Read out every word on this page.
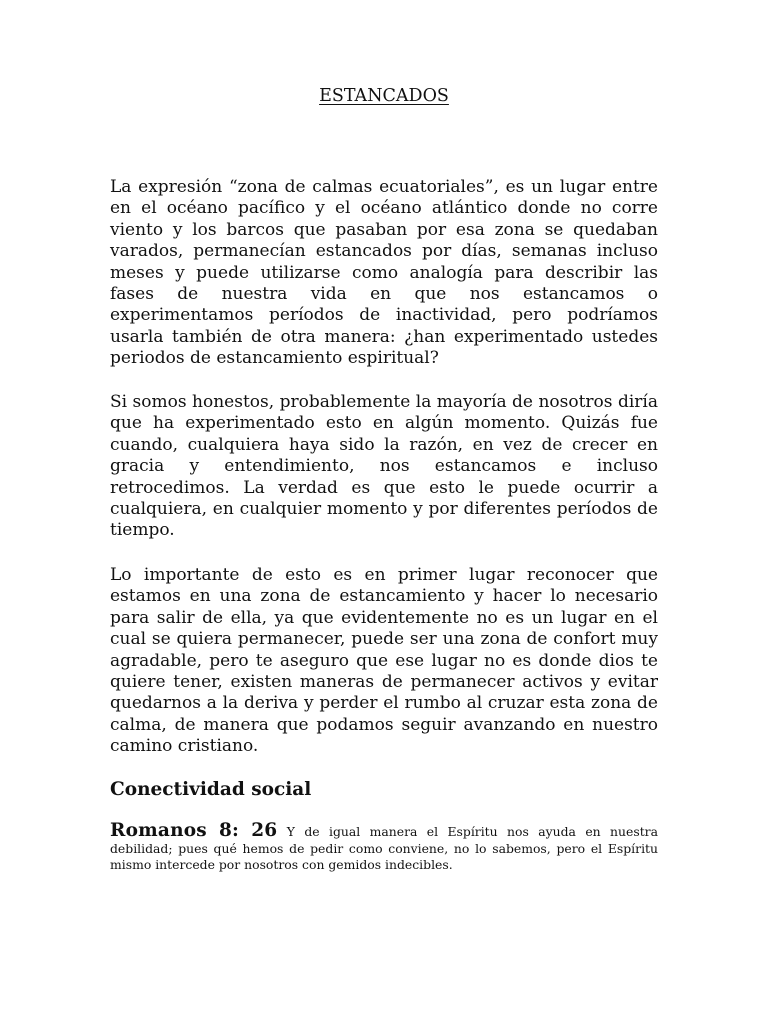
ESTANCADOS

La expresión “zona de calmas ecuatoriales”, es un lugar entre en el océano pacífico y el océano atlántico donde no corre viento y los barcos que pasaban por esa zona se quedaban varados, permanecían estancados por días, semanas incluso meses y puede utilizarse como analogía para describir las fases de nuestra vida en que nos estancamos o experimentamos períodos de inactividad, pero podríamos usarla también de otra manera: ¿han experimentado ustedes periodos de estancamiento espiritual?

Si somos honestos, probablemente la mayoría de nosotros diría que ha experimentado esto en algún momento. Quizás fue cuando, cualquiera haya sido la razón, en vez de crecer en gracia y entendimiento, nos estancamos e incluso retrocedimos. La verdad es que esto le puede ocurrir a cualquiera, en cualquier momento y por diferentes períodos de tiempo.

Lo importante de esto es en primer lugar reconocer que estamos en una zona de estancamiento y hacer lo necesario para salir de ella, ya que evidentemente no es un lugar en el cual se quiera permanecer, puede ser una zona de confort muy agradable, pero te aseguro que ese lugar no es donde dios te quiere tener, existen maneras de permanecer activos y evitar quedarnos a la deriva y perder el rumbo al cruzar esta zona de calma, de manera que podamos seguir avanzando en nuestro camino cristiano.

Conectividad social

Romanos 8: 26 Y de igual manera el Espíritu nos ayuda en nuestra debilidad; pues qué hemos de pedir como conviene, no lo sabemos, pero el Espíritu mismo intercede por nosotros con gemidos indecibles.
